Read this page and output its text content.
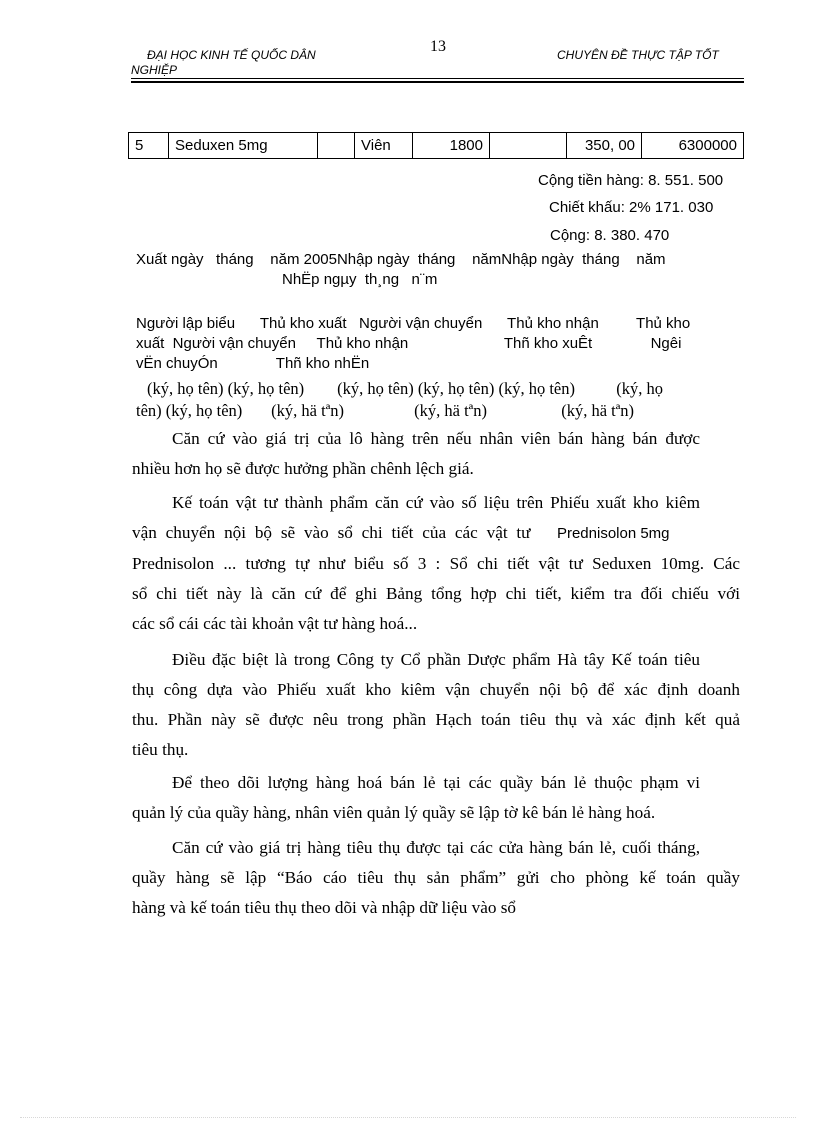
ĐẠI HỌC KINH TẾ QUỐC DÂN
NGHIỆP
13	CHUYÊN ĐỀ THỰC TẬP TỐT
5	Seduxen 5mg		Viên	1800		350, 00	6300000
Cộng tiền hàng: 8. 551. 500
Chiết khấu: 2% 171. 030
Cộng: 8. 380. 470
Xuất ngày   tháng    năm 2005Nhập ngày  tháng    nămNhập ngày  tháng    năm
NhËp ngµy  th¸ng   n¨m
Người lập biểu      Thủ kho xuất   Người vận chuyển      Thủ kho nhận         Thủ kho
xuất  Người vận chuyển     Thủ kho nhận                       Thñ kho xuÊt              Ngêi
vËn chuyÓn              Thñ kho nhËn
(ký, họ tên) (ký, họ tên)        (ký, họ tên) (ký, họ tên) (ký, họ tên)          (ký, họ
tên) (ký, họ tên)       (ký, hä tªn)                 (ký, hä tªn)                  (ký, hä tªn)
Căn cứ vào giá trị của lô hàng trên nếu nhân viên bán hàng bán được
nhiều hơn họ sẽ được hưởng phần chênh lệch giá.
Kế toán vật tư thành phẩm căn cứ vào số liệu trên Phiếu xuất kho kiêm
vận chuyển nội bộ sẽ vào sổ chi tiết của các vật tư Prednisolon 5mg
Prednisolon ... tương tự như biểu số 3 : Sổ chi tiết vật tư Seduxen 10mg. Các
sổ chi tiết này là căn cứ để ghi Bảng tổng hợp chi tiết, kiểm tra đối chiếu với
các sổ cái các tài khoản vật tư hàng hoá...
Điều đặc biệt là trong Công ty Cổ phần Dược phẩm Hà tây Kế toán tiêu
thụ công dựa vào Phiếu xuất kho kiêm vận chuyển nội bộ để xác định doanh
thu. Phần này sẽ được nêu trong phần Hạch toán tiêu thụ và xác định kết quả
tiêu thụ.
Để theo dõi lượng hàng hoá bán lẻ tại các quầy bán lẻ thuộc phạm vi
quản lý của quầy hàng, nhân viên quản lý quầy sẽ lập tờ kê bán lẻ hàng hoá.
Căn cứ vào giá trị hàng tiêu thụ được tại các cửa hàng bán lẻ, cuối tháng,
quầy hàng sẽ lập “Báo cáo tiêu thụ sản phẩm” gửi cho phòng kế toán quầy
hàng và kế toán tiêu thụ theo dõi và nhập dữ liệu vào sổ
